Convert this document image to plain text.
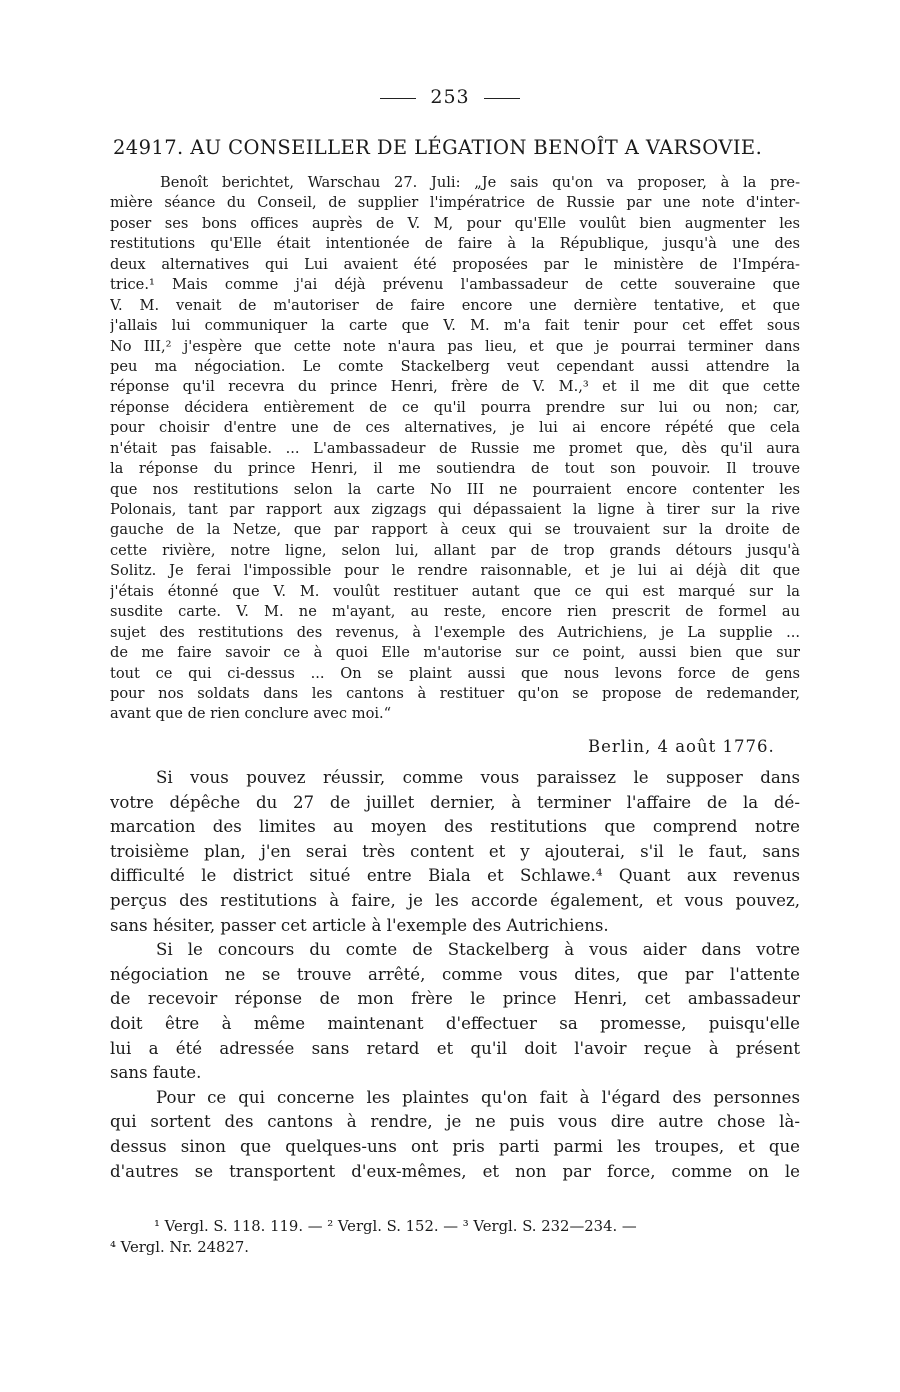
253
24917. AU CONSEILLER DE LÉGATION BENOÎT A VARSOVIE.
Benoît berichtet, Warschau 27. Juli: „Je sais qu'on va proposer, à la pre-
mière séance du Conseil, de supplier l'impératrice de Russie par une note d'inter-
poser ses bons offices auprès de V. M, pour qu'Elle voulût bien augmenter les
restitutions qu'Elle était intentionée de faire à la République, jusqu'à une des
deux alternatives qui Lui avaient été proposées par le ministère de l'Impéra-
trice.¹ Mais comme j'ai déjà prévenu l'ambassadeur de cette souveraine que
V. M. venait de m'autoriser de faire encore une dernière tentative, et que
j'allais lui communiquer la carte que V. M. m'a fait tenir pour cet effet sous
No III,² j'espère que cette note n'aura pas lieu, et que je pourrai terminer dans
peu ma négociation. Le comte Stackelberg veut cependant aussi attendre la
réponse qu'il recevra du prince Henri, frère de V. M.,³ et il me dit que cette
réponse décidera entièrement de ce qu'il pourra prendre sur lui ou non; car,
pour choisir d'entre une de ces alternatives, je lui ai encore répété que cela
n'était pas faisable. ... L'ambassadeur de Russie me promet que, dès qu'il aura
la réponse du prince Henri, il me soutiendra de tout son pouvoir. Il trouve
que nos restitutions selon la carte No III ne pourraient encore contenter les
Polonais, tant par rapport aux zigzags qui dépassaient la ligne à tirer sur la rive
gauche de la Netze, que par rapport à ceux qui se trouvaient sur la droite de
cette rivière, notre ligne, selon lui, allant par de trop grands détours jusqu'à
Solitz. Je ferai l'impossible pour le rendre raisonnable, et je lui ai déjà dit que
j'étais étonné que V. M. voulût restituer autant que ce qui est marqué sur la
susdite carte. V. M. ne m'ayant, au reste, encore rien prescrit de formel au
sujet des restitutions des revenus, à l'exemple des Autrichiens, je La supplie ...
de me faire savoir ce à quoi Elle m'autorise sur ce point, aussi bien que sur
tout ce qui ci-dessus ... On se plaint aussi que nous levons force de gens
pour nos soldats dans les cantons à restituer qu'on se propose de redemander,
avant que de rien conclure avec moi.“
Berlin, 4 août 1776.
Si vous pouvez réussir, comme vous paraissez le supposer dans
votre dépêche du 27 de juillet dernier, à terminer l'affaire de la dé-
marcation des limites au moyen des restitutions que comprend notre
troisième plan, j'en serai très content et y ajouterai, s'il le faut, sans
difficulté le district situé entre Biala et Schlawe.⁴ Quant aux revenus
perçus des restitutions à faire, je les accorde également, et vous pouvez,
sans hésiter, passer cet article à l'exemple des Autrichiens.
Si le concours du comte de Stackelberg à vous aider dans votre
négociation ne se trouve arrêté, comme vous dites, que par l'attente
de recevoir réponse de mon frère le prince Henri, cet ambassadeur
doit être à même maintenant d'effectuer sa promesse, puisqu'elle
lui a été adressée sans retard et qu'il doit l'avoir reçue à présent
sans faute.
Pour ce qui concerne les plaintes qu'on fait à l'égard des personnes
qui sortent des cantons à rendre, je ne puis vous dire autre chose là-
dessus sinon que quelques-uns ont pris parti parmi les troupes, et que
d'autres se transportent d'eux-mêmes, et non par force, comme on le
¹ Vergl. S. 118. 119. — ² Vergl. S. 152. — ³ Vergl. S. 232—234. —
⁴ Vergl. Nr. 24827.
